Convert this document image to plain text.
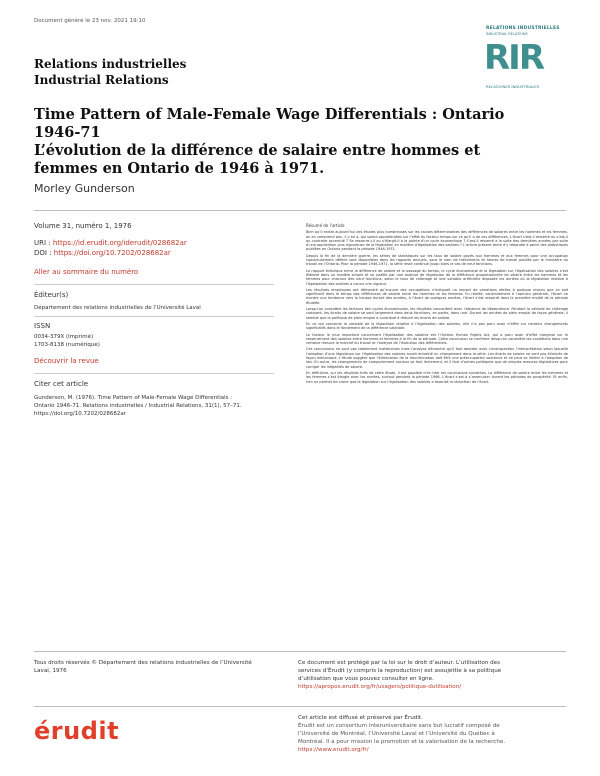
Document généré le 23 nov. 2021 19:10
Relations industrielles
Industrial Relations
RELATIONS INDUSTRIELLES
INDUSTRIAL RELATIONS
RIR
RELACIONES INDUSTRIALES
Time Pattern of Male-Female Wage Differentials : Ontario
1946-71
L’évolution de la différence de salaire entre hommes et
femmes en Ontario de 1946 à 1971.
Morley Gunderson
Volume 31, numéro 1, 1976
URI : https://id.erudit.org/iderudit/028682ar
DOI : https://doi.org/10.7202/028682ar
Aller au sommaire du numéro
Éditeur(s)
Département des relations industrielles de l’Université Laval
ISSN
0034-379X (imprimé)
1703-8138 (numérique)
Découvrir la revue
Citer cet article
Gunderson, M. (1976). Time Pattern of Male-Female Wage Differentials :
Ontario 1946-71. Relations industrielles / Industrial Relations, 31(1), 57–71.
https://doi.org/10.7202/028682ar
Résumé de l’article

Bien qu’il existe aujourd’hui des études plus nombreuses sur les causes déterminantes des différences de salaires entre les hommes et les femmes, on en comprend peu, il y en a, qui soient approfondies sur l’effet du facteur temps sur ce qu’il a de ces différences. L’écart s’est-il resserré ou s’est-il au contraire accentué ? Se resserre-t-il ou s’élargit-il à la pointe d’un cycle économique ? S’est-il resserré à la suite des dernières années par suite d’une application plus rigoureuse de la législation en matière d’égalisation des salaires ? L’article présent tente d’y répondre à partir des statistiques publiées en Ontario pendant la période 1946-1971.

Depuis la fin de la dernière guerre, les séries de statistiques sur les taux de salaire payés aux hommes et aux femmes pour une occupation rigoureusement définie sont disponibles dans les rapports annuels, sous le nom de traitements et heures de travail publiés par le ministère du travail de l’Ontario. Pour la période 1946-1971, la série reste continue jusqu’alors le cas de neuf fonctions.

Le rapport théorique entre la différence de salaire et le passage du temps, le cycle économique et la législation sur l’égalisation des salaires s’est élaboré dans un modèle simple et se justifie par une analyse de régression de la différence proportionnelle de salaire entre les hommes et les femmes pour chacune des neuf fonctions, selon le taux de chômage et une variable artificielle disposée les années où la législation relative à l’égalisation des salaires a connu une vigueur.

Les résultats empiriques ont démontré qu’aucune des occupations n’indiquait un impact de variations réelles à quelque niveau que ce soit significatif dans le temps des différences de salaire entre les hommes et les femmes. En réalité, contrairement à l’opinion générale, l’écart ne montre une tendance vers la hausse durant des années, à l’écart de quelques années, l’écart s’est resserré dans la première moitié de la période étudiée.

Lorsqu’on considère les facteurs des cycles économiques, les résultats concordent avec l’absence de dépendance. Pendant la période de chômage croissant, les écarts de salaire se sont largement dans deux fonctions, en partie, dans une. Durant les années de plein emploi de façon générale, il semble que la politique de plein emploi a contribué à réduire les écarts de salaire.

En ce qui concerne la variable de la législation relative à l’égalisation des salaires, elle n’a pas paru avoir d’effet sur certains changements significatifs dans le fondement de la différence salariale.

Le facteur le plus important concernant l’égalisation des salaires est l’Ontario Human Rights Act, qui a paru avoir d’effet marginal sur le resserrement des salaires entre hommes et femmes à la fin de la période. Cette conclusion se confirme lorsqu’on considère les conditions dans une certaine mesure le marché du travail et l’analyse de l’évolution des différentiels.

Ces conclusions ne sont pas totalement inattendues mais l’analyse démontre qu’il faut aborder avec circonspection l’interprétation selon laquelle l’adoption d’une législation sur l’égalisation des salaires aurait entraîné un changement dans la série. Les écarts de salaire ne sont pas éliminés de façon mécanique. L’étude suggère que l’élimination de la discrimination doit être une préoccupation soutenue et ne peut se limiter à l’adoption de lois. En outre, les changements de comportement sociaux se font lentement, et il faut d’autres politiques que de simples mesures législatives pour corriger les inégalités de salaire.

En définitive, sur les résultats tirés de cette étude, il est possible d’en tirer les conclusions suivantes. La différence de salaire entre les hommes et les femmes s’est élargie avec les années, surtout pendant la période 1966. L’écart s’est à s’amenuiser durant les périodes de prospérité. Et enfin, rien ne permet de croire que la législation sur l’égalisation des salaires a favorisé la réduction de l’écart.

Tous droits réservés © Département des relations industrielles de l’Université
Laval, 1976
Ce document est protégé par la loi sur le droit d’auteur. L’utilisation des
services d’Érudit (y compris la reproduction) est assujettie à sa politique
d’utilisation que vous pouvez consulter en ligne.
https://apropos.erudit.org/fr/usagers/politique-dutilisation/
érudit	Cet article est diffusé et préservé par Érudit.
Érudit est un consortium interuniversitaire sans but lucratif composé de
l’Université de Montréal, l’Université Laval et l’Université du Québec à
Montréal. Il a pour mission la promotion et la valorisation de la recherche.
https://www.erudit.org/fr/
